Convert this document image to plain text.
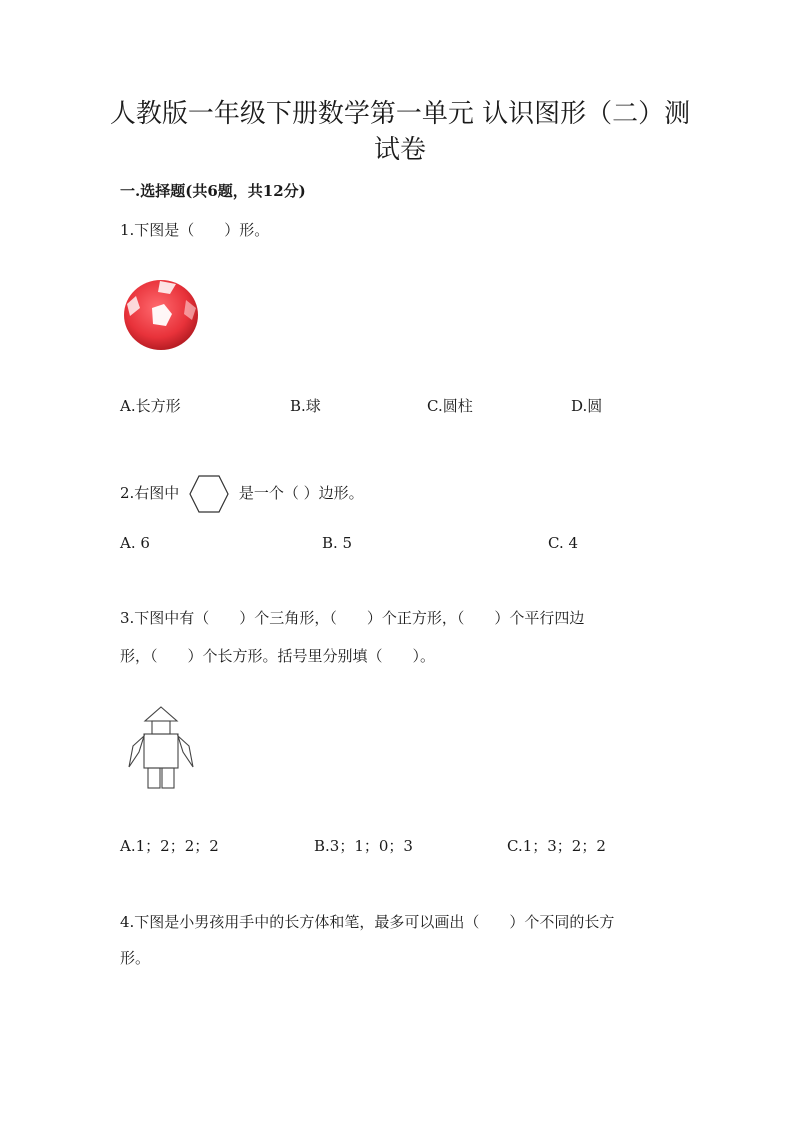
人教版一年级下册数学第一单元 认识图形（二）测
试卷
一.选择题(共6题，共12分)
1.下图是（　　）形。
A.长方形	B.球	C.圆柱	D.圆
2.右图中	是一个（ ）边形。
A. 6	B. 5	C. 4
3.下图中有（　　）个三角形，（　　）个正方形，（　　）个平行四边
形，（　　）个长方形。括号里分别填（　　）。
A.1；2；2；2	B.3；1；0；3	C.1；3；2；2
4.下图是小男孩用手中的长方体和笔，最多可以画出（　　）个不同的长方
形。
